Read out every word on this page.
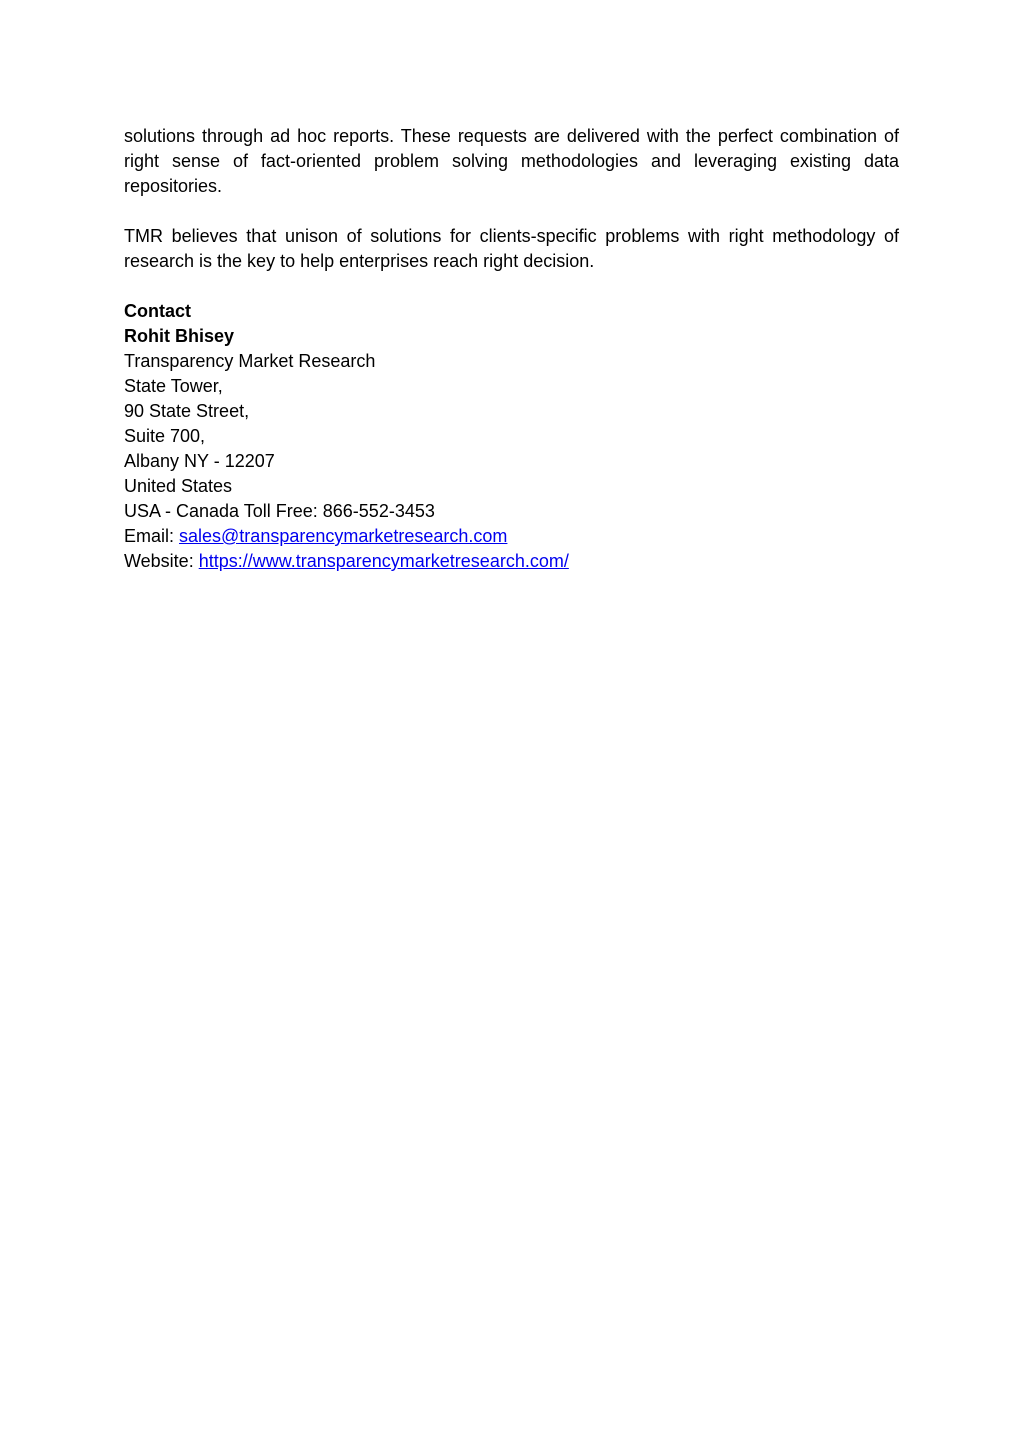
solutions through ad hoc reports. These requests are delivered with the perfect combination of right sense of fact-oriented problem solving methodologies and leveraging existing data repositories.

TMR believes that unison of solutions for clients-specific problems with right methodology of research is the key to help enterprises reach right decision.

Contact
Rohit Bhisey
Transparency Market Research
State Tower,
90 State Street,
Suite 700,
Albany NY - 12207
United States
USA - Canada Toll Free: 866-552-3453
Email: sales@transparencymarketresearch.com
Website: https://www.transparencymarketresearch.com/
